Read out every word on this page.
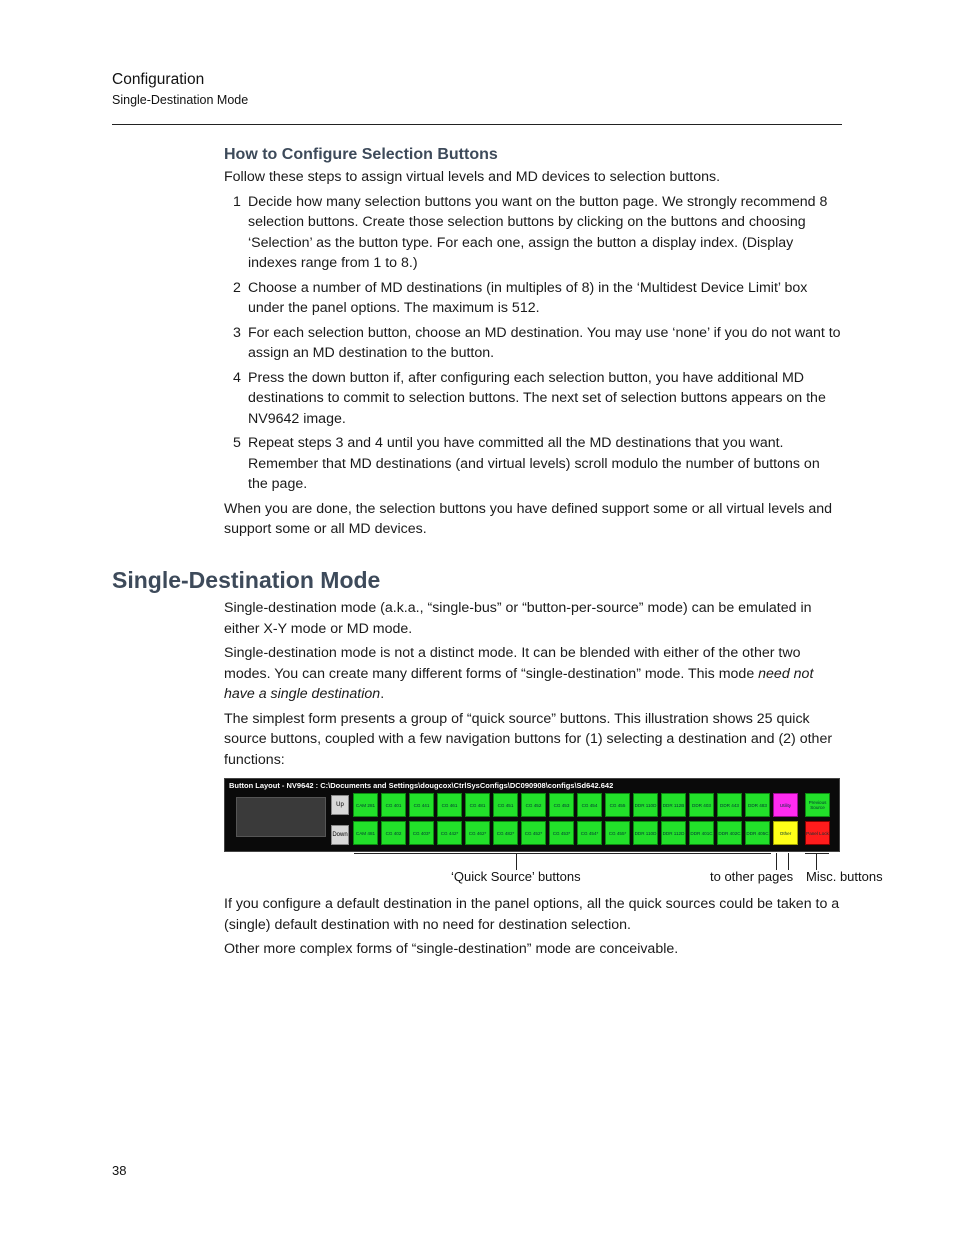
Configuration
Single-Destination Mode
How to Configure Selection Buttons

Follow these steps to assign virtual levels and MD devices to selection buttons.

1 Decide how many selection buttons you want on the button page. We strongly recommend 8 selection buttons. Create those selection buttons by clicking on the buttons and choosing ‘Selection’ as the button type. For each one, assign the button a display index. (Display indexes range from 1 to 8.)
2 Choose a number of MD destinations (in multiples of 8) in the ‘Multidest Device Limit’ box under the panel options. The maximum is 512.
3 For each selection button, choose an MD destination. You may use ‘none’ if you do not want to assign an MD destination to the button.
4 Press the down button if, after configuring each selection button, you have additional MD destinations to commit to selection buttons. The next set of selection buttons appears on the NV9642 image.
5 Repeat steps 3 and 4 until you have committed all the MD destinations that you want. Remember that MD destinations (and virtual levels) scroll modulo the number of buttons on the page.

When you are done, the selection buttons you have defined support some or all virtual levels and support some or all MD devices.

Single-Destination Mode

Single-destination mode (a.k.a., “single-bus” or “button-per-source” mode) can be emulated in either X-Y mode or MD mode.

Single-destination mode is not a distinct mode. It can be blended with either of the other two modes. You can create many different forms of “single-destination” mode. This mode need not have a single destination.

The simplest form presents a group of “quick source” buttons. This illustration shows 25 quick source buttons, coupled with a few navigation buttons for (1) selecting a destination and (2) other functions:

Button Layout - NV9642 : C:\Documents and Settings\dougcox\CtrlSysConfigs\DC090908\configs\Sd642.642
Up
Down
CAM 281	CG 401	CG 441	CG 461	CG 481	CG 451	CG 452	CG 453	CG 454	CG 455	DDR 110D	DDR 112B	DDR 403	DDR 443	DDR 483	Utility	Previous Source
CAM 481	CG 402	CG 403*	CG 442*	CG 462*	CG 482*	CG 452*	CG 453*	CG 454*	CG 455*	DDR 110D	DDR 112D	DDR 401C	DDR 402C	DDR 405C	Other	Panel Lock
‘Quick Source’ buttons	to other pages Misc. buttons

If you configure a default destination in the panel options, all the quick sources could be taken to a (single) default destination with no need for destination selection.

Other more complex forms of “single-destination” mode are conceivable.

38
